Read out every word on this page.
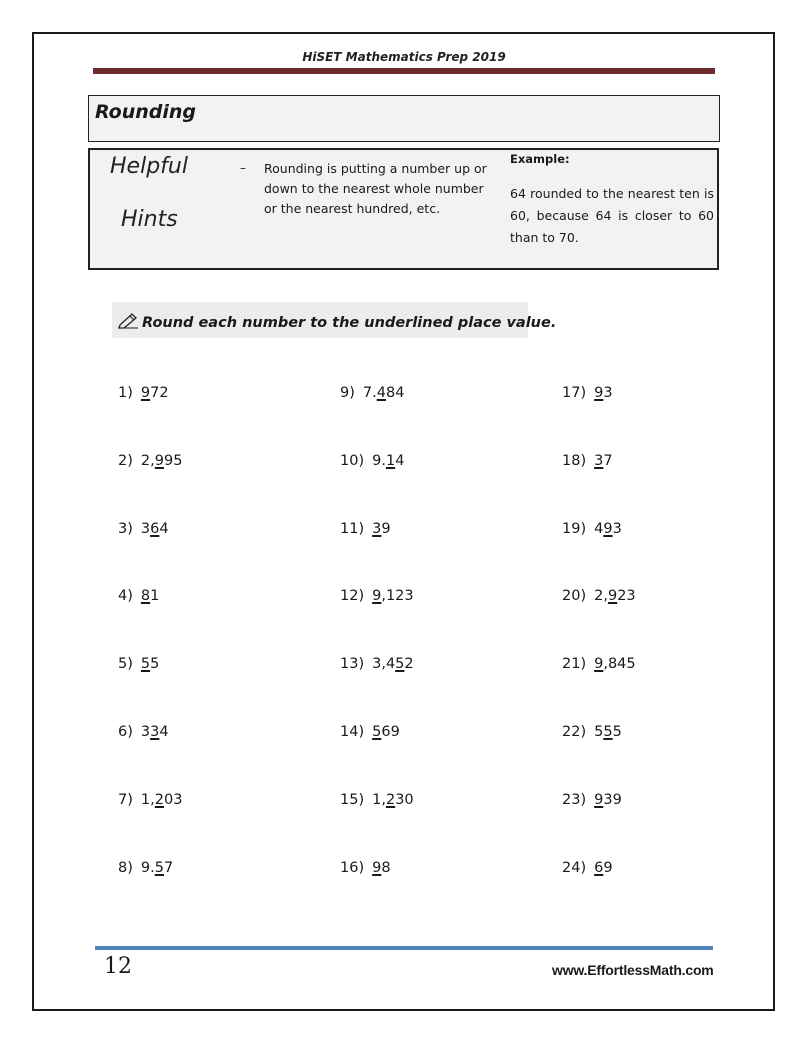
HiSET Mathematics Prep 2019
Rounding
Helpful
Hints
– Rounding is putting a number up or down to the nearest whole number or the nearest hundred, etc.
Example:
64 rounded to the nearest ten is 60, because 64 is closer to 60 than to 70.
Round each number to the underlined place value.
1) 972
2) 2,995
3) 364
4) 81
5) 55
6) 334
7) 1,203
8) 9.57
9) 7.484
10) 9.14
11) 39
12) 9,123
13) 3,452
14) 569
15) 1,230
16) 98
17) 93
18) 37
19) 493
20) 2,923
21) 9,845
22) 555
23) 939
24) 69
12	www.EffortlessMath.com
